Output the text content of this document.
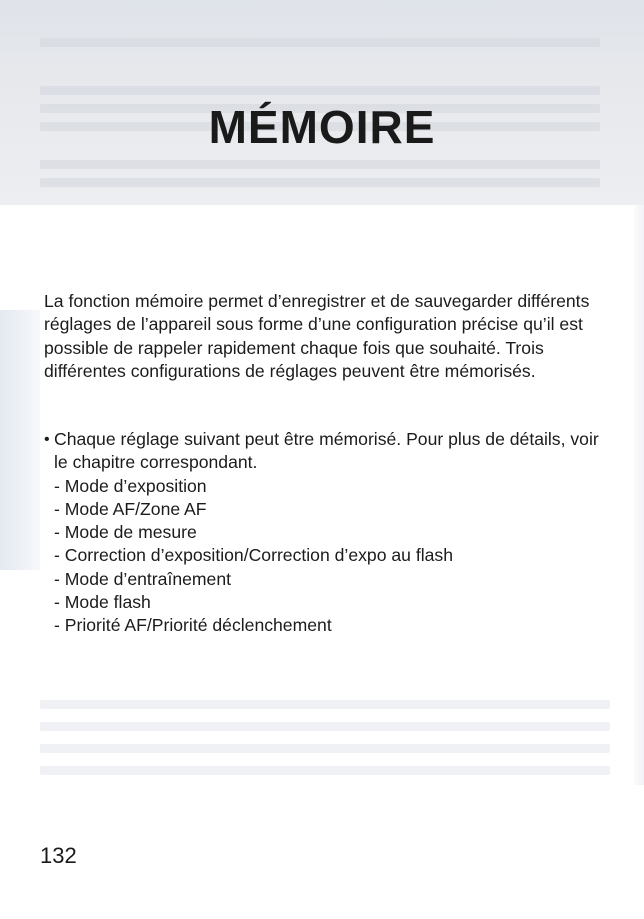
MÉMOIRE

La fonction mémoire permet d’enregistrer et de sauvegarder différents réglages de l’appareil sous forme d’une configuration précise qu’il est possible de rappeler rapidement chaque fois que souhaité. Trois différentes configurations de réglages peuvent être mémorisés.

• Chaque réglage suivant peut être mémorisé. Pour plus de détails, voir le chapitre correspondant.
- Mode d’exposition
- Mode AF/Zone AF
- Mode de mesure
- Correction d’exposition/Correction d’expo au flash
- Mode d’entraînement
- Mode flash
- Priorité AF/Priorité déclenchement
132
